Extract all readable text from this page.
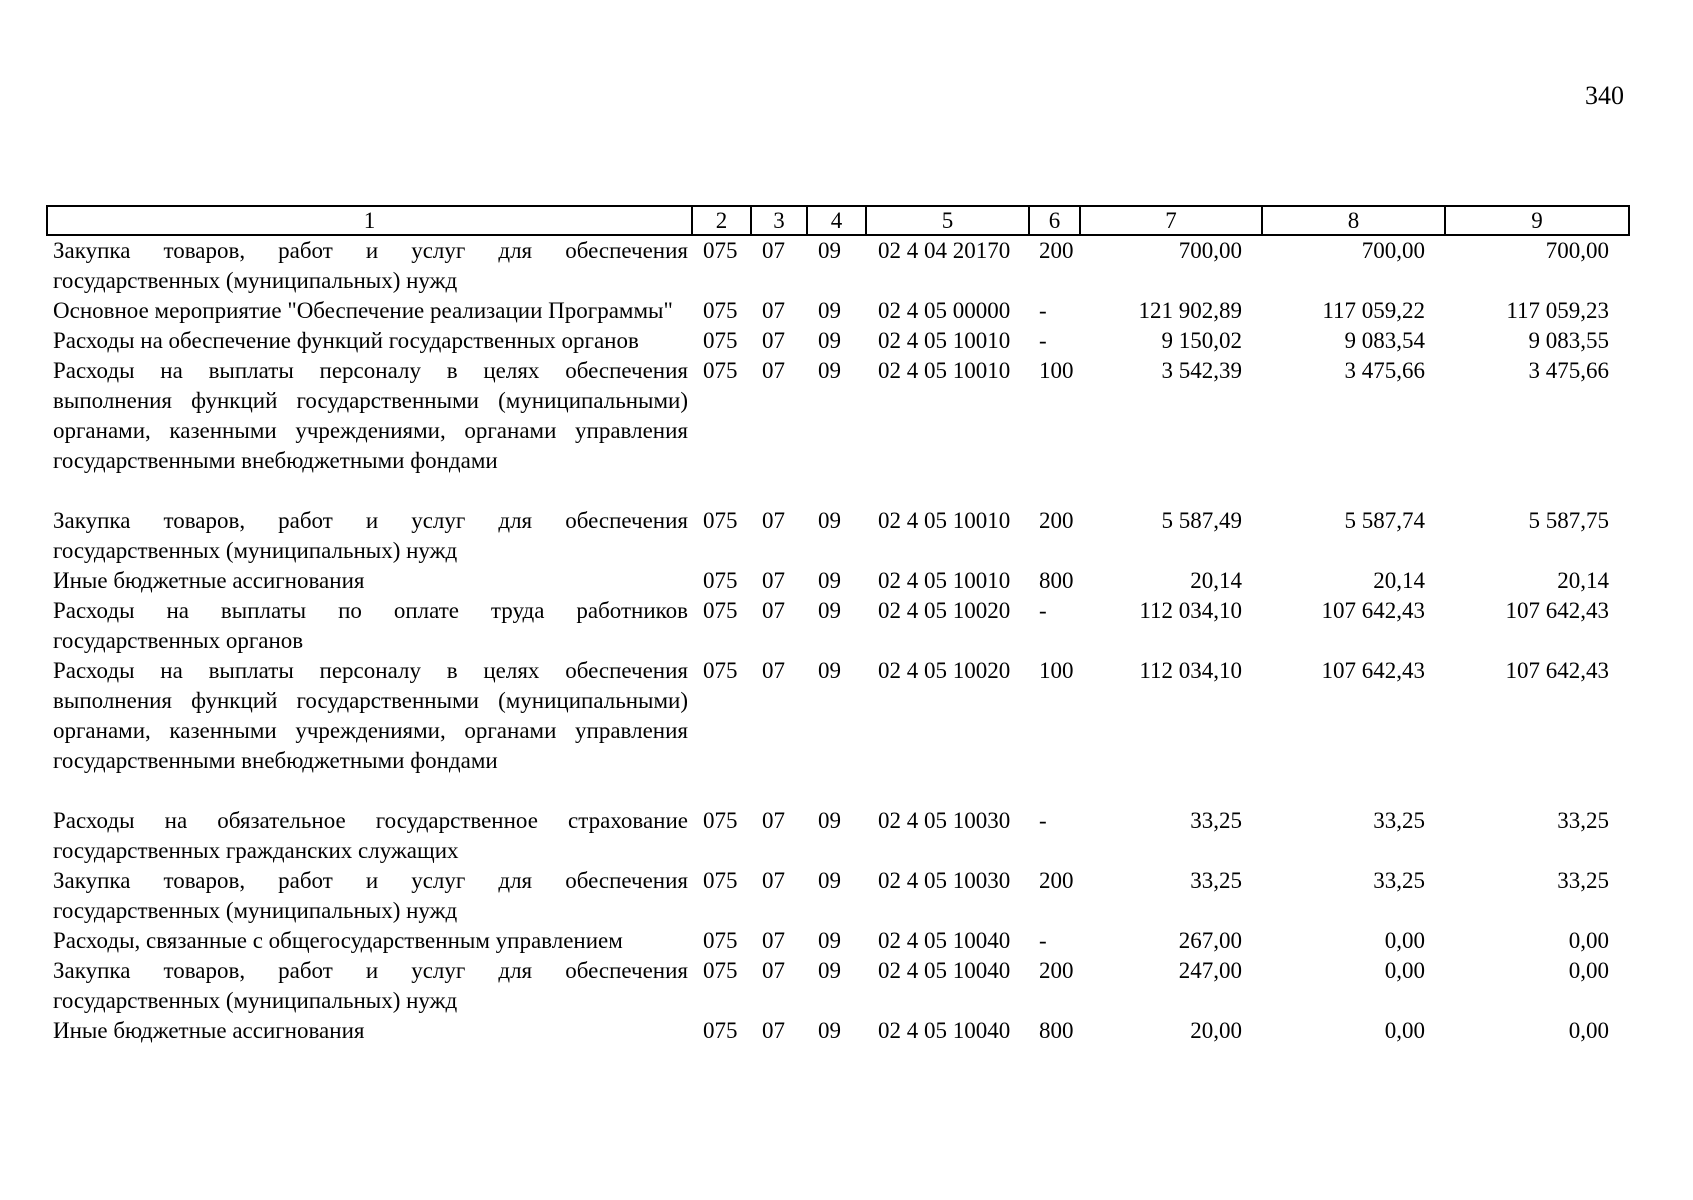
340
1	2	3	4	5	6	7	8	9
Закупка товаров, работ и услуг для обеспечения государственных (муниципальных) нужд	075	07	09	02 4 04 20170	200	700,00	700,00	700,00
Основное мероприятие "Обеспечение реализации Программы"	075	07	09	02 4 05 00000	-	121 902,89	117 059,22	117 059,23
Расходы на обеспечение функций государственных органов	075	07	09	02 4 05 10010	-	9 150,02	9 083,54	9 083,55
Расходы на выплаты персоналу в целях обеспечения выполнения функций государственными (муниципальными) органами, казенными учреждениями, органами управления государственными внебюджетными фондами	075	07	09	02 4 05 10010	100	3 542,39	3 475,66	3 475,66
Закупка товаров, работ и услуг для обеспечения государственных (муниципальных) нужд	075	07	09	02 4 05 10010	200	5 587,49	5 587,74	5 587,75
Иные бюджетные ассигнования	075	07	09	02 4 05 10010	800	20,14	20,14	20,14
Расходы на выплаты по оплате труда работников государственных органов	075	07	09	02 4 05 10020	-	112 034,10	107 642,43	107 642,43
Расходы на выплаты персоналу в целях обеспечения выполнения функций государственными (муниципальными) органами, казенными учреждениями, органами управления государственными внебюджетными фондами	075	07	09	02 4 05 10020	100	112 034,10	107 642,43	107 642,43
Расходы на обязательное государственное страхование государственных гражданских служащих	075	07	09	02 4 05 10030	-	33,25	33,25	33,25
Закупка товаров, работ и услуг для обеспечения государственных (муниципальных) нужд	075	07	09	02 4 05 10030	200	33,25	33,25	33,25
Расходы, связанные с общегосударственным управлением	075	07	09	02 4 05 10040	-	267,00	0,00	0,00
Закупка товаров, работ и услуг для обеспечения государственных (муниципальных) нужд	075	07	09	02 4 05 10040	200	247,00	0,00	0,00
Иные бюджетные ассигнования	075	07	09	02 4 05 10040	800	20,00	0,00	0,00
